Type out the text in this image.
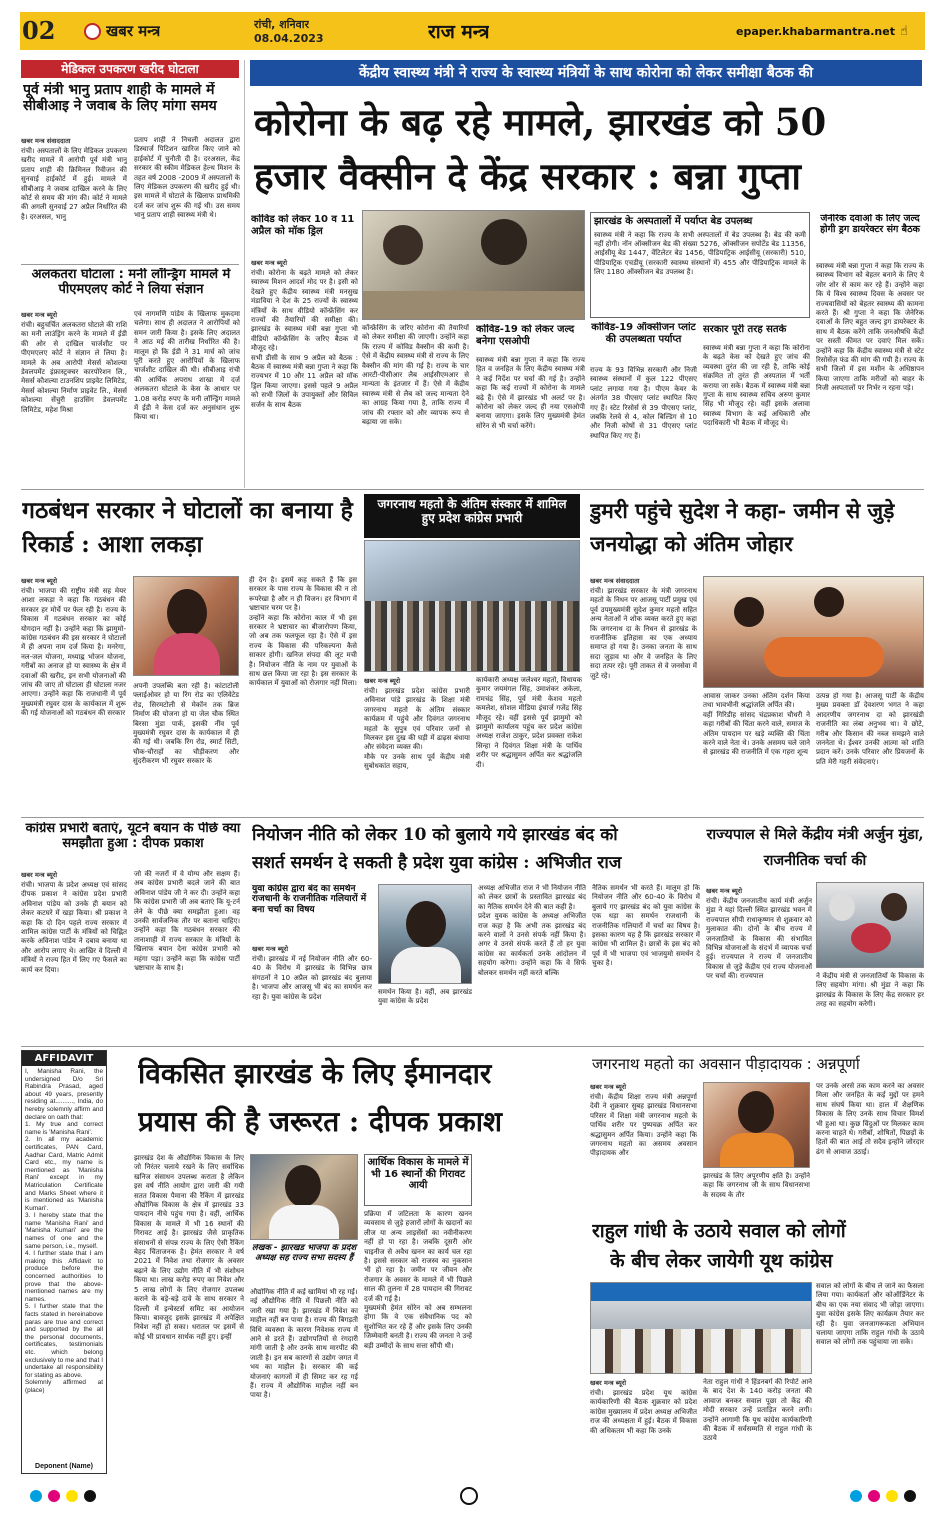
02	खबर मन्त्र	रांची, शनिवार
08.04.2023	राज मन्त्र	epaper.khabarmantra.net ☝
मेडिकल उपकरण खरीद घोटाला
पूर्व मंत्री भानु प्रताप शाही के मामले में सीबीआइ ने जवाब के लिए मांगा समय
खबर मन्त्र संवाददाता
रांची। अस्पतालों के लिए मेडिकल उपकरण खरीद मामले में आरोपी पूर्व मंत्री भानु प्रताप शाही की क्रिमिनल रिवीजन की सुनवाई हाईकोर्ट में हुई। मामले में सीबीआइ ने जवाब दाखिल करने के लिए कोर्ट से समय की मांग की। कोर्ट ने मामले की अगली सुनवाई 27 अप्रैल निर्धारित की है। दरअसल, भानु
प्रताप शाही ने निचली अदालत द्वारा डिस्चार्ज पिटिशन खारिज किए जाने को हाईकोर्ट में चुनौती दी है। दरअसल, केंद्र सरकार की स्कीम मेडिकल हेल्थ मिशन के तहत वर्ष 2008 -2009 में अस्पतालों के लिए मेडिकल उपकरण की खरीद हुई थी। इस मामले में घोटाले के खिलाफ प्राथमिकी दर्ज कर जांच शुरू की गई थी। उस समय भानु प्रताप शाही स्वास्थ्य मंत्री थे।
अलकतरा घोटाला : मनी लॉन्ड्रिंग मामले में पीएमएलए कोर्ट ने लिया संज्ञान
खबर मन्त्र ब्यूरो
रांची। बहुचर्चित अलकतरा घोटाले की राशि का मनी लाउंड्रिंग करने के मामले में ईडी की ओर से दाखिल चार्जशीट पर पीएमएलए कोर्ट ने संज्ञान ले लिया है। मामले के अब आरोपी मेसर्स कोशल्या डेवलपमेंट इंफ्रास्ट्रक्चर कारपोरेशन लि., मेसर्स कौशल्या टाउनशिप प्राइवेट लिमिटेड, मेसर्स कोशल्या निर्माण प्राइवेट लि., मेसर्स कोशल्या सेंचुरी हाउसिंग डेवलपमेंट लिमिटेड, महेश मिश्रा
एवं नागमणि पांडेय के खिलाफ मुकदमा चलेगा। साथ ही अदालत ने आरोपियों को समन जारी किया है। इसके लिए अदालत ने आठ मई की तारीख निर्धारित की है। मालूम हो कि ईडी ने 31 मार्च को जांच पूरी करते हुए आरोपियों के खिलाफ चार्जशीट दाखिल की थी। सीबीआइ रांची की आर्थिक अपराध शाखा में दर्ज अलकतरा घोटाले के केस के आधार पर 1.08 करोड़ रुपए के मनी लॉन्ड्रिंग मामले में ईडी ने केस दर्ज कर अनुसंधान शुरू किया था।
केंद्रीय स्वास्थ्य मंत्री ने राज्य के स्वास्थ्य मंत्रियों के साथ कोरोना को लेकर समीक्षा बैठक की
कोरोना के बढ़ रहे मामले, झारखंड को 50
हजार वैक्सीन दे केंद्र सरकार : बन्ना गुप्ता
कोविड को लेकर 10 व 11 अप्रैल को मॉक ड्रिल
खबर मन्त्र ब्यूरो
रांची। कोरोना के बढ़ते मामले को लेकर स्वास्थ्य मिशन आदर्श मोद पर है। इसी को देखते हुए केंद्रीय स्वास्थ्य मंत्री मनसुख मंडाविया ने देश के 25 राज्यों के स्वास्थ्य मंत्रियों के साथ वीडियो कॉन्फ्रेंसिंग कर राज्यों की तैयारियों की समीक्षा की। झारखंड के स्वास्थ्य मंत्री बन्ना गुप्ता भी वीडियो कॉन्फ्रेंसिंग के जरिए बैठक में मौजूद रहे।
सभी डीसी के साथ 9 अप्रैल को बैठक : बैठक में स्वास्थ्य मंत्री बन्ना गुप्ता ने कहा कि राज्यभर में 10 और 11 अप्रैल को मॉक ड्रिल किया जाएगा। इससे पहले 9 अप्रैल को सभी जिलों के उपायुक्तों और सिविल सर्जन के साथ बैठक
कॉन्फ्रेंसिंग के जरिए कोरोना की तैयारियों को लेकर समीक्षा की जाएगी। उन्होंने कहा कि राज्य में कोविड वैक्सीन की कमी है। ऐसे में केंद्रीय स्वास्थ्य मंत्री से राज्य के लिए वैक्सीन की मांग की गई है। राज्य के चार आरटी-पीसीआर लैब आईसीएमआर से मान्यता के इंतजार में हैं। ऐसे में केंद्रीय स्वास्थ्य मंत्री से लैब को जल्द मान्यता देने का आग्रह किया गया है, ताकि राज्य में जांच की रफ्तार को और व्यापक रूप से बढ़ाया जा सके।
कोविड-19 को लेकर जल्द बनेगा एसओपी
स्वास्थ्य मंत्री बन्ना गुप्ता ने कहा कि राज्य हित व जनहित के लिए केंद्रीय स्वास्थ्य मंत्री ने कई निर्देश पर चर्चा की गई है। उन्होंने कहा कि कई राज्यों में कोरोना के मामले बढ़े हैं। ऐसे में झारखंड भी अलर्ट पर है। कोरोना को लेकर जल्द ही नया एसओपी बनाया जाएगा। इसके लिए मुख्यमंत्री हेमंत सोरेन से भी चर्चा करेंगे।
झारखंड के अस्पतालों में पर्याप्त बेड उपलब्ध
स्वास्थ्य मंत्री ने कहा कि राज्य के सभी अस्पतालों में बेड उपलब्ध है। बेड की कमी नहीं होगी। नॉन ऑक्सीजन बेड की संख्या 5276, ऑक्सीजन सपोर्टेड बेड 11356, आईसीयू बेड 1447, वेंटिलेटर बेड 1456, पीडियाट्रिक आईसीयू (सरकारी) 510, पीडियाट्रिक एचडीयू (सरकारी स्वास्थ्य संस्थानों में) 455 और पीडियाट्रिक मामले के लिए 1180 ऑक्सीजन बेड उपलब्ध है।
कोविड-19 ऑक्सीजन प्लांट की उपलब्धता पर्याप्त
राज्य के 93 विभिन्न सरकारी और निजी स्वास्थ्य संस्थानों में कुल 122 पीएसए प्लांट लगाया गया है। पीएम केयर के अंतर्गत 38 पीएसए प्लांट स्थापित किए गए हैं। स्टेट रिसोर्स से 39 पीएसए प्लांट, जबकि रेलवे से 4, कोल बिल्डिंग से 10 और निजी कोषों से 31 पीएसए प्लांट स्थापित किए गए हैं।
सरकार पूरी तरह सतर्क
स्वास्थ्य मंत्री बन्ना गुप्ता ने कहा कि कोरोना के बढ़ते केस को देखते हुए जांच की व्यवस्था तुरंत की जा रही है, ताकि कोई संक्रमित तो तुरंत ही अस्पताल में भर्ती कराया जा सके। बैठक में स्वास्थ्य मंत्री बन्ना गुप्ता के साथ स्वास्थ्य सचिव अरुण कुमार सिंह भी मौजूद रहे। वहीं इसके अलावा स्वास्थ्य विभाग के कई अधिकारी और पदाधिकारी भी बैठक में मौजूद थे।
जेनेरिक दवाओं के लिए जल्द होगी ड्रग डायरेक्टर संग बैठक
स्वास्थ्य मंत्री बन्ना गुप्ता ने कहा कि राज्य के स्वास्थ्य विभाग को बेहतर बनाने के लिए ये जोर शोर से काम कर रहे हैं। उन्होंने कहा कि ये विश्व स्वास्थ्य दिवस के अवसर पर राज्यवासियों को बेहतर स्वास्थ्य की कामना करते हैं। श्री गुप्ता ने कहा कि जेनेरिक दवाओं के लिए बहुत जल्द ड्रग डायरेक्टर के साथ में बैठक करेंगे ताकि जनऔषधि केंद्रों पर सस्ती कीमत पर दवाएं मिल सकें। उन्होंने कहा कि केंद्रीय स्वास्थ्य मंत्री से स्टेट रिसोर्सेज़ फंड की मांग की गयी है। राज्य के सभी जिलों में इस मशीन के अधिष्ठापन किया जाएगा ताकि मरीजों को बाहर के निजी अस्पतालों पर निर्भर न रहना पड़े।
गठबंधन सरकार ने घोटालों का बनाया है रिकार्ड : आशा लकड़ा
खबर मन्त्र ब्यूरो
रांची। भाजपा की राष्ट्रीय मंत्री सह मेयर आशा लकड़ा ने कहा कि गठबंधन की सरकार हर मोर्चे पर फेल रही है। राज्य के विकास में गठबंधन सरकार का कोई योगदान नहीं है। उन्होंने कहा कि झामुमो-कांग्रेस गठबंधन की इस सरकार ने घोटालों में ही अपना नाम दर्ज किया है। मनरेगा, नल-जल योजना, मध्याह्न भोजन योजना, गरीबों का अनाज हो या स्वास्थ्य के क्षेत्र में दवाओं की खरीद, इन सभी योजनाओं की जांच की जाए तो घोटाला ही घोटाला नजर आएगा। उन्होंने कहा कि राजधानी में पूर्व मुख्यमंत्री रघुवर दास के कार्यकाल में शुरू की गई योजनाओं को गठबंधन की सरकार
अपनी उपलब्धि बता रही है। कांटाटोली फ्लाईओवर हो या रिंग रोड का एलिवेटेड रोड, सिरमटोली से मेकॉन तक ब्रिज निर्माण की योजना हो या जेल चौक स्थित बिरसा मुंडा पार्क, इसकी नींव पूर्व मुख्यमंत्री रघुवर दास के कार्यकाल में ही की गई थी। जबकि रिंग रोड, स्मार्ट सिटी, चौक-चौराहों का चौड़ीकरण और सुंदरीकरण भी रघुवर सरकार के
ही देन है। इसमें कह सकते हैं कि इस सरकार के पास राज्य के विकास की न तो रूपरेखा है और न ही विजन। हर विभाग में भ्रष्टाचार चरम पर है।
उन्होंने कहा कि कोरोना काल में भी इस सरकार ने भ्रष्टाचार का बीजारोपण किया, जो अब तक फलफूल रहा है। ऐसे में इस राज्य के विकास की परिकल्पना कैसे साकार होगी। खनिज संपदा की लूट मची है। नियोजन नीति के नाम पर युवाओं के साथ छल किया जा रहा है। इस सरकार के कार्यकाल में युवाओं को रोजगार नहीं मिला।
जगरनाथ महतो के अंतिम संस्कार में शामिल हुए प्रदेश कांग्रेस प्रभारी
खबर मन्त्र ब्यूरो
रांची। झारखंड प्रदेश कांग्रेस प्रभारी अविनाश पांडे झारखंड के शिक्षा मंत्री जगरनाथ महतो के अंतिम संस्कार कार्यक्रम में पहुंचे और दिवंगत जगरनाथ महतो के सुपुत्र एवं परिवार जनों से मिलकर इस दुख की घड़ी में ढाढ़स बंधाया और संवेदना व्यक्त की।
मौके पर उनके साथ पूर्व केंद्रीय मंत्री सुबोधकांत सहाय,
कार्यकारी अध्यक्ष जलेश्वर महतो, विधायक कुमार जयमंगल सिंह, उमाशंकर अकेला, रामचंद्र सिंह, पूर्व मंत्री केशव महतो कमलेश, सोशल मीडिया इंचार्ज गजेंद्र सिंह मौजूद रहे। वहीं इससे पूर्व झामुमो को झामुमो कार्यालय पहुंच कर प्रदेश कांग्रेस अध्यक्ष राजेश ठाकुर, प्रदेश प्रवक्ता राकेश सिन्हा ने दिवंगत शिक्षा मंत्री के पार्थिव शरीर पर श्रद्धासुमन अर्पित कर श्रद्धांजलि दी।
डुमरी पहुंचे सुदेश ने कहा- जमीन से जुड़े जनयोद्धा को अंतिम जोहार
खबर मन्त्र संवाददाता
रांची। झारखंड सरकार के मंत्री जगरनाथ महतो के निधन पर आजसू पार्टी प्रमुख एवं पूर्व उपमुख्यमंत्री सुदेश कुमार महतो सहित अन्य नेताओं ने शोक व्यक्त करते हुए कहा कि जगरनाथ दा के निधन से झारखंड के राजनीतिक इतिहास का एक अध्याय समाप्त हो गया है। उनका जनता के साथ सदा जुड़ाव था और वे जनहित के लिए सदा तत्पर रहे। पूरी ताकत से वे जनसेवा में जुटे रहे।
आवास जाकर उनका अंतिम दर्शन किया तथा भावभीनी श्रद्धांजलि अर्पित की।
वहीं गिरिडीह सांसद चंद्रप्रकाश चौधरी ने कहा गरीबों की चिंता करने वाले, समाज के अंतिम पायदान पर खड़े व्यक्ति की चिंता करने वाले नेता थे। उनके असमय चले जाने से झारखंड की राजनीति में एक गहरा शून्य
उत्पन्न हो गया है। आजसू पार्टी के केंद्रीय मुख्य प्रवक्ता डॉ देवशरण भगत ने कहा आदरणीय जगरनाथ दा को झारखंडी राजनीति का लंबा अनुभव था। वे छोटे, गरीब और किसान की नब्ज समझने वाले जननेता थे। ईश्वर उनकी आत्मा को शांति प्रदान करें। उनके परिवार और प्रियजनों के प्रति मेरी गहरी संवेदनाएं।
कांग्रेस प्रभारी बताएं, यूटर्न बयान के पीछे क्या समझौता हुआ : दीपक प्रकाश
खबर मन्त्र ब्यूरो
रांची। भाजपा के प्रदेश अध्यक्ष एवं सांसद दीपक प्रकाश ने कांग्रेस प्रदेश प्रभारी अविनाश पांडेय को उनके ही बयान को लेकर कटघरे में खड़ा किया। श्री प्रकाश ने कहा कि दो दिन पहले राज्य सरकार में शामिल कांग्रेस पार्टी के मंत्रियों को चिह्नित करके अविनाश पांडेय ने दबाव बनाया था और आरोप लगाए थे। आखिर वे दिल्ली में मंत्रियों ने राज्य हित में लिए गए फैसले का कार्य कर दिया।
जो की नजरों में वे योग्य और सक्षम हैं। अब कांग्रेस प्रभारी बदले जाने की बात अविनाश पांडेय जी ने कर दी। उन्होंने कहा कि कांग्रेस प्रभारी जी अब बताएं कि यू-टर्न लेने के पीछे क्या समझौता हुआ। वह उनकी सार्वजनिक तौर पर बताना चाहिए। उन्होंने कहा कि गठबंधन सरकार की तानाशाही में राज्य सरकार के मंत्रियों के खिलाफ बयान देना कांग्रेस प्रभारी को महंगा पड़ा। उन्होंने कहा कि कांग्रेस पार्टी भ्रष्टाचार के साथ है।
नियोजन नीति को लेकर 10 को बुलाये गये झारखंड बंद को
सशर्त समर्थन दे सकती है प्रदेश युवा कांग्रेस : अभिजीत राज
युवा कांग्रेस द्वारा बंद का समर्थन राजधानी के राजनीतिक गलियारों में बना चर्चा का विषय
खबर मन्त्र ब्यूरो
रांची। झारखंड में नई नियोजन नीति और 60-40 के विरोध में झारखंड के विभिन्न छात्र संगठनों ने 10 अप्रैल को झारखंड बंद बुलाया है। भाजपा और आजसू भी बंद का समर्थन कर रहा है। युवा कांग्रेस के प्रदेश
समर्थन किया है। वहीं, अब झारखंड युवा कांग्रेस के प्रदेश
अध्यक्ष अभिजीत राज ने भी नियोजन नीति को लेकर छात्रों के प्रस्तावित झारखंड बंद का नैतिक समर्थन देने की बात कही है।
प्रदेश युवक कांग्रेस के अध्यक्ष अभिजीत राज कहा है कि अभी तक झारखंड बंद करने वालों ने उनसे संपर्क नहीं किया है। अगर वे उनसे संपर्क करते हैं तो हर युवा कांग्रेस का कार्यकर्ता उनके आंदोलन में सहयोग करेगा। उन्होंने कहा कि वे सिर्फ बोलकर समर्थन नहीं करते बल्कि
नैतिक समर्थन भी करते हैं। मालूम हो कि नियोजन नीति और 60-40 के विरोध में बुलाये गए झारखंड बंद को युवा कांग्रेस के एक धड़ा का समर्थन राजधानी के राजनीतिक गलियारों में चर्चा का विषय है। इसका कारण यह है कि झारखंड सरकार में कांग्रेस भी शामिल है। छात्रों के इस बंद को पूर्व में भी भाजपा एवं भाजयुमो समर्थन दे चुका है।
राज्यपाल से मिले केंद्रीय मंत्री अर्जुन मुंडा, राजनीतिक चर्चा की
खबर मन्त्र ब्यूरो
रांची। केंद्रीय जनजातीय कार्य मंत्री अर्जुन मुंडा ने यहां दिल्ली स्थित झारखंड भवन में राज्यपाल सीपी राधाकृष्णन से शुक्रवार को मुलाकात की। दोनों के बीच राज्य में जनजातियों के विकास की संभावित विभिन्न योजनाओं के संदर्भ में व्यापक चर्चा हुई। राज्यपाल ने राज्य में जनजातीय विकास से जुड़े केंद्रीय एवं राज्य योजनाओं पर चर्चा की। राज्यपाल	ने केंद्रीय मंत्री से जनजातियों के विकास के लिए सहयोग मांगा। श्री मुंडा ने कहा कि झारखंड के विकास के लिए केंद्र सरकार हर तरह का सहयोग करेगी।
AFFIDAVIT
I, Manisha Rani, the undersigned D/o Sri Rabindra Prasad, aged about 49 years, presently residing at.........., India, do hereby solemnly affirm and declare on oath that:
1. My true and correct name is 'Manisha Rani'.
2. In all my academic certificates, PAN Card, Aadhar Card, Matric Admit Card etc., my name is mentioned as 'Manisha Rani' except in my Matriculation Certificate and Marks Sheet where it is mentioned as 'Manisha Kumari'.
3. I hereby state that the name 'Manisha Rani' and 'Manisha Kumari' are the names of one and the same person, i.e., myself.
4. I further state that I am making this Affidavit to produce before the concerned authorities to prove that the above-mentioned names are my names.
5. I further state that the facts stated in hereinabove paras are true and correct and supported by the all the personal documents, certificates, testimonials etc. which belong exclusively to me and that I undertake all responsibility for stating as above.
Solemnly affirmed at (place)
Deponent (Name)
विकसित झारखंड के लिए ईमानदार
प्रयास की है जरूरत : दीपक प्रकाश
झारखंड देश के औद्योगिक विकास के लिए जो निरंतर चलाये रखने के लिए सर्वाधिक खनिज संसाधन उपलब्ध कराता है लेकिन इस वर्ष नीति आयोग द्वारा जारी की गयी सतत विकास पैमाना की रैंकिंग में झारखंड औद्योगिक विकास के क्षेत्र में झारखंड 33 पायदान नीचे पहुंच गया है। वहीं, आर्थिक विकास के मामले में भी 16 स्थानों की गिरावट आई है। झारखंड जैसे प्राकृतिक संसाधनों से संपन्न राज्य के लिए ऐसी रैंकिंग बेहद चिंताजनक है। हेमंत सरकार ने वर्ष 2021 में निवेश तथा रोजगार के अवसर बढ़ाने के लिए उद्योग नीति में भी संशोधन किया था। लाख करोड़ रुपए का निवेश और 5 लाख लोगों के लिए रोजगार उपलब्ध कराने के बड़े-बड़े दावे के साथ सरकार ने दिल्ली में इन्वेस्टर्स समिट का आयोजन किया। बावजूद इसके झारखंड में अपेक्षित निवेश नहीं हो सका। धरातल पर इसमें से कोई भी प्रावधान सार्थक नहीं हुए। इन्हीं
लेखक - झारखंड भाजपा के प्रदेश अध्यक्ष सह राज्य सभा सदस्य हैं
औद्योगिक नीति में कई खामियां भी रह गईं।
नई औद्योगिक नीति में पिछली नीति को जारी रखा गया है। झारखंड में निवेश का माहौल नहीं बन पाया है। राज्य की बिगड़ती विधि व्यवस्था के कारण निवेशक राज्य में आने से डरते हैं। उद्योगपतियों से रंगदारी मांगी जाती है और उनके साथ मारपीट की जाती है। इन सब कारणों से उद्योग जगत में भय का माहौल है। सरकार की कई योजनाएं कागजों में ही सिमट कर रह गई हैं। राज्य में औद्योगिक माहौल नहीं बन पाया है।
आर्थिक विकास के मामले में भी 16 स्थानों की गिरावट आयी
प्रक्रिया में जटिलता के कारण खनन व्यवसाय से जुड़े हजारों लोगों के खदानों का लीज या अन्य लाइसेंसों का नवीनीकरण नहीं हो पा रहा है। जबकि दूसरी ओर चाइनीज से अवैध खनन का कार्य चल रहा है। इससे सरकार को राजस्व का नुकसान भी हो रहा है। जमीन पर जीवन और रोजगार के अवसर के मामले में भी पिछले साल की तुलना में 28 पायदान की गिरावट दर्ज की गई है।
मुख्यमंत्री हेमंत सोरेन को अब सम्भलना होगा कि वे एक संवैधानिक पद को सुशोभित कर रहे हैं और इसके लिए उनकी जिम्मेवारी बनती है। राज्य की जनता ने उन्हें बड़ी उम्मीदों के साथ सत्ता सौंपी थी।
जगरनाथ महतो का अवसान पीड़ादायक : अन्नपूर्णा
खबर मन्त्र ब्यूरो
रांची। केंद्रीय शिक्षा राज्य मंत्री अन्नपूर्णा देवी ने शुक्रवार सुबह झारखंड विधानसभा परिसर में शिक्षा मंत्री जगरनाथ महतो के पार्थिव शरीर पर पुष्पचक्र अर्पित कर श्रद्धासुमन अर्पित किया। उन्होंने कहा कि जगरनाथ महतो का असमय अवसान पीड़ादायक और
झारखंड के लिए अपूरणीय क्षति है। उन्होंने कहा कि जगरनाथ जी के साथ विधानसभा के सदस्य के तौर
पर उनके अरसे तक काम करने का अवसर मिला और जनहित के कई मुद्दों पर हमने साथ संघर्ष किया था। हाल में शैक्षणिक विकास के लिए उनके साथ विचार विमर्श भी हुआ था। कुछ विंदुओं पर मिलकर काम करना चाहते थे। गरीबों, शोषितों, पिछड़ों के हितों की बात आई तो सदैव इन्होंने जोरदार ढंग से आवाज उठाई।
राहुल गांधी के उठाये सवाल को लोगों
के बीच लेकर जायेगी यूथ कांग्रेस
खबर मन्त्र ब्यूरो
रांची। झारखंड प्रदेश यूथ कांग्रेस कार्यकारिणी की बैठक शुक्रवार को प्रदेश कांग्रेस मुख्यालय में प्रदेश अध्यक्ष अभिजीत राज की अध्यक्षता में हुई। बैठक में विकास की अधिकतम भी कहा कि उनके
नेता राहुल गांधी ने हिंडनबर्ग की रिपोर्ट आने के बाद देश के 140 करोड़ जनता की आवाज बनकर सवाल पूछा तो केंद्र की मोदी सरकार उन्हें प्रताड़ित करने लगी। उन्होंने आगामी कि यूथ कांग्रेस कार्यकारिणी की बैठक में सर्वसम्मति से राहुल गांधी के उठाये
सवाल को लोगों के बीच ले जाने का फैसला लिया गया। कार्यकर्ता और कोऑर्डिनेटर के बीच का एक नया संवाद भी जोड़ा जाएगा। युवा कांग्रेस इसके लिए कार्यक्रम तैयार कर रही है। युवा जनजागरूकता अभियान चलाया जाएगा ताकि राहुल गांधी के उठाये सवाल को लोगों तक पहुंचाया जा सके।
